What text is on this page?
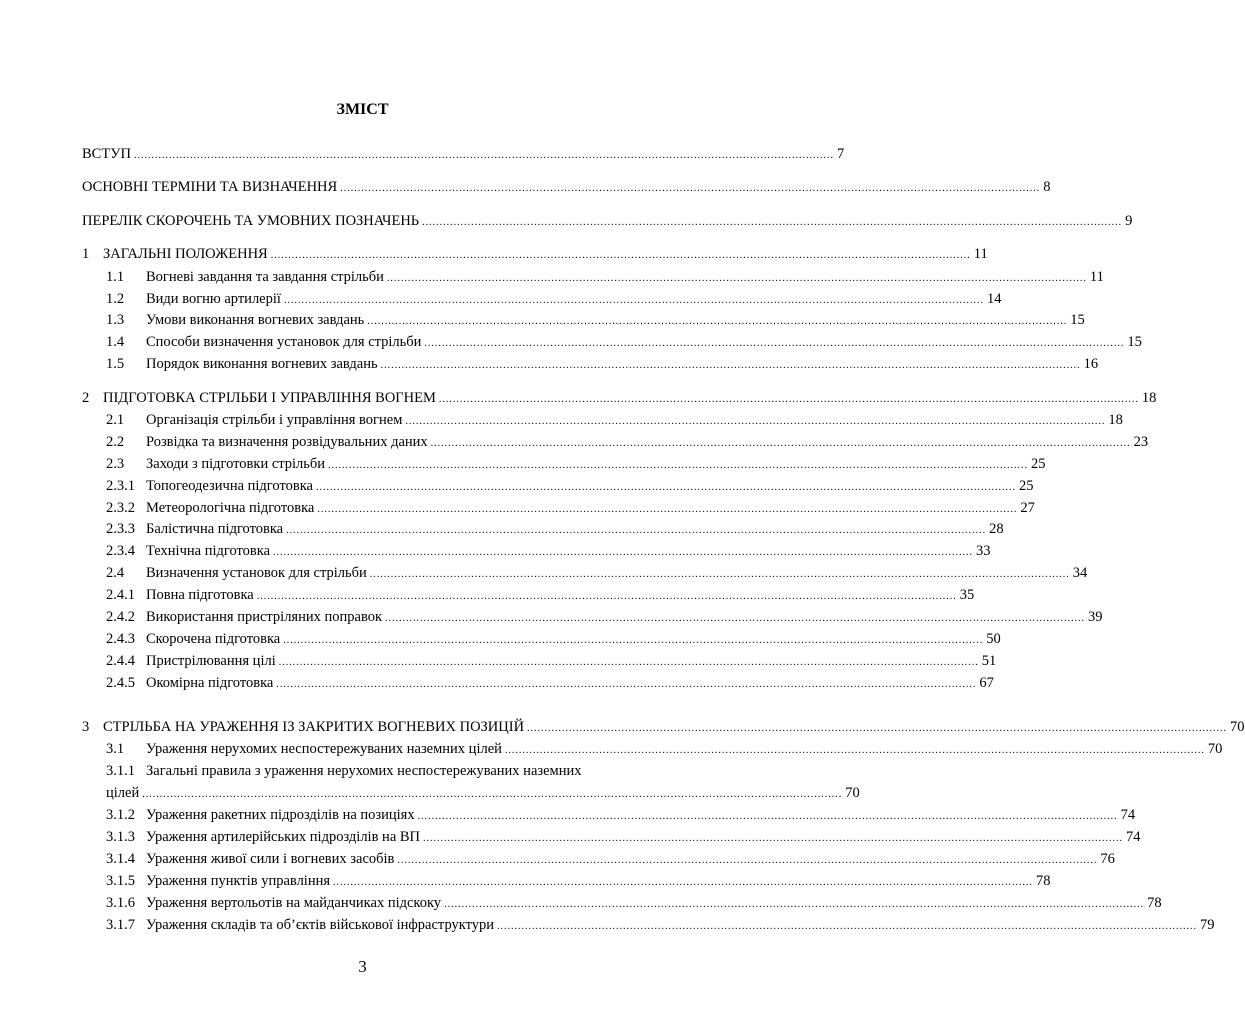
ЗМІСТ
ВСТУП ........................................................................................................................................................................................................ 7
ОСНОВНІ ТЕРМІНИ ТА ВИЗНАЧЕННЯ ........................................................................................................................................................................................................ 8
ПЕРЕЛІК СКОРОЧЕНЬ ТА УМОВНИХ ПОЗНАЧЕНЬ ........................................................................................................................................................................................................ 9
1 ЗАГАЛЬНІ ПОЛОЖЕННЯ ........................................................................................................................................................................................................ 11
1.1	Вогневі завдання та завдання стрільби ........................................................................................................................................................................................................ 11
1.2	Види вогню артилерії ........................................................................................................................................................................................................ 14
1.3	Умови виконання вогневих завдань ........................................................................................................................................................................................................ 15
1.4	Способи визначення установок для стрільби ........................................................................................................................................................................................................ 15
1.5	Порядок виконання вогневих завдань ........................................................................................................................................................................................................ 16
2 ПІДГОТОВКА СТРІЛЬБИ І УПРАВЛІННЯ ВОГНЕМ ........................................................................................................................................................................................................ 18
2.1	Організація стрільби і управління вогнем ........................................................................................................................................................................................................ 18
2.2	Розвідка та визначення розвідувальних даних ........................................................................................................................................................................................................ 23
2.3	Заходи з підготовки стрільби ........................................................................................................................................................................................................ 25
2.3.1 Топогеодезична підготовка ........................................................................................................................................................................................................ 25
2.3.2 Метеорологічна підготовка ........................................................................................................................................................................................................ 27
2.3.3 Балістична підготовка ........................................................................................................................................................................................................ 28
2.3.4 Технічна підготовка ........................................................................................................................................................................................................ 33
2.4	Визначення установок для стрільби ........................................................................................................................................................................................................ 34
2.4.1 Повна підготовка ........................................................................................................................................................................................................ 35
2.4.2 Використання пристріляних поправок ........................................................................................................................................................................................................ 39
2.4.3 Скорочена підготовка ........................................................................................................................................................................................................ 50
2.4.4 Пристрілювання цілі ........................................................................................................................................................................................................ 51
2.4.5 Окомірна підготовка ........................................................................................................................................................................................................ 67
3 СТРІЛЬБА НА УРАЖЕННЯ ІЗ ЗАКРИТИХ ВОГНЕВИХ ПОЗИЦІЙ ........................................................................................................................................................................................................ 70
3.1	Ураження нерухомих неспостережуваних наземних цілей ........................................................................................................................................................................................................ 70
3.1.1 Загальні правила з ураження нерухомих неспостережуваних наземних
цілей ........................................................................................................................................................................................................ 70
3.1.2 Ураження ракетних підрозділів на позиціях ........................................................................................................................................................................................................ 74
3.1.3 Ураження артилерійських підрозділів на ВП ........................................................................................................................................................................................................ 74
3.1.4 Ураження живої сили і вогневих засобів ........................................................................................................................................................................................................ 76
3.1.5 Ураження пунктів управління ........................................................................................................................................................................................................ 78
3.1.6 Ураження вертольотів на майданчиках підскоку ........................................................................................................................................................................................................ 78
3.1.7 Ураження складів та об’єктів військової інфраструктури ........................................................................................................................................................................................................ 79
3
